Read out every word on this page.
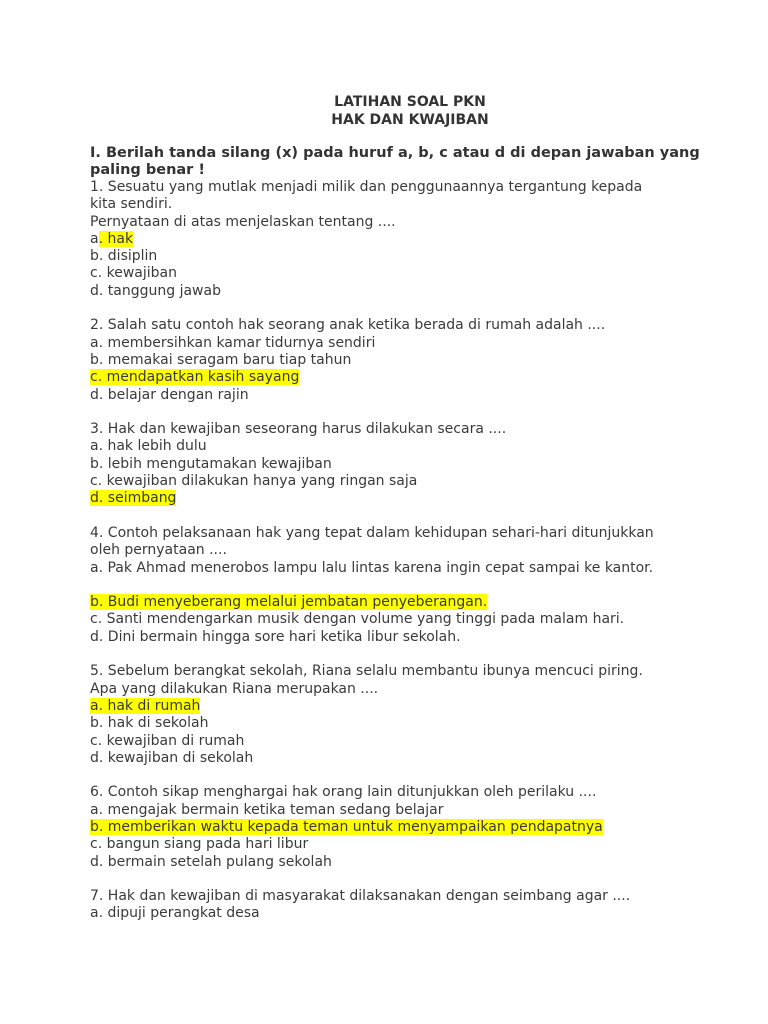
LATIHAN SOAL PKN
HAK DAN KWAJIBAN
I. Berilah tanda silang (x) pada huruf a, b, c atau d di depan jawaban yang paling benar !
1. Sesuatu yang mutlak menjadi milik dan penggunaannya tergantung kepada
kita sendiri.
Pernyataan di atas menjelaskan tentang ....
a. hak
b. disiplin
c. kewajiban
d. tanggung jawab
2. Salah satu contoh hak seorang anak ketika berada di rumah adalah ....
a. membersihkan kamar tidurnya sendiri
b. memakai seragam baru tiap tahun
c. mendapatkan kasih sayang
d. belajar dengan rajin
3. Hak dan kewajiban seseorang harus dilakukan secara ....
a. hak lebih dulu
b. lebih mengutamakan kewajiban
c. kewajiban dilakukan hanya yang ringan saja
d. seimbang
4. Contoh pelaksanaan hak yang tepat dalam kehidupan sehari-hari ditunjukkan
oleh pernyataan ....
a. Pak Ahmad menerobos lampu lalu lintas karena ingin cepat sampai ke kantor.
b. Budi menyeberang melalui jembatan penyeberangan.
c. Santi mendengarkan musik dengan volume yang tinggi pada malam hari.
d. Dini bermain hingga sore hari ketika libur sekolah.
5. Sebelum berangkat sekolah, Riana selalu membantu ibunya mencuci piring.
Apa yang dilakukan Riana merupakan ....
a. hak di rumah
b. hak di sekolah
c. kewajiban di rumah
d. kewajiban di sekolah
6. Contoh sikap menghargai hak orang lain ditunjukkan oleh perilaku ....
a. mengajak bermain ketika teman sedang belajar
b. memberikan waktu kepada teman untuk menyampaikan pendapatnya
c. bangun siang pada hari libur
d. bermain setelah pulang sekolah
7. Hak dan kewajiban di masyarakat dilaksanakan dengan seimbang agar ....
a. dipuji perangkat desa
